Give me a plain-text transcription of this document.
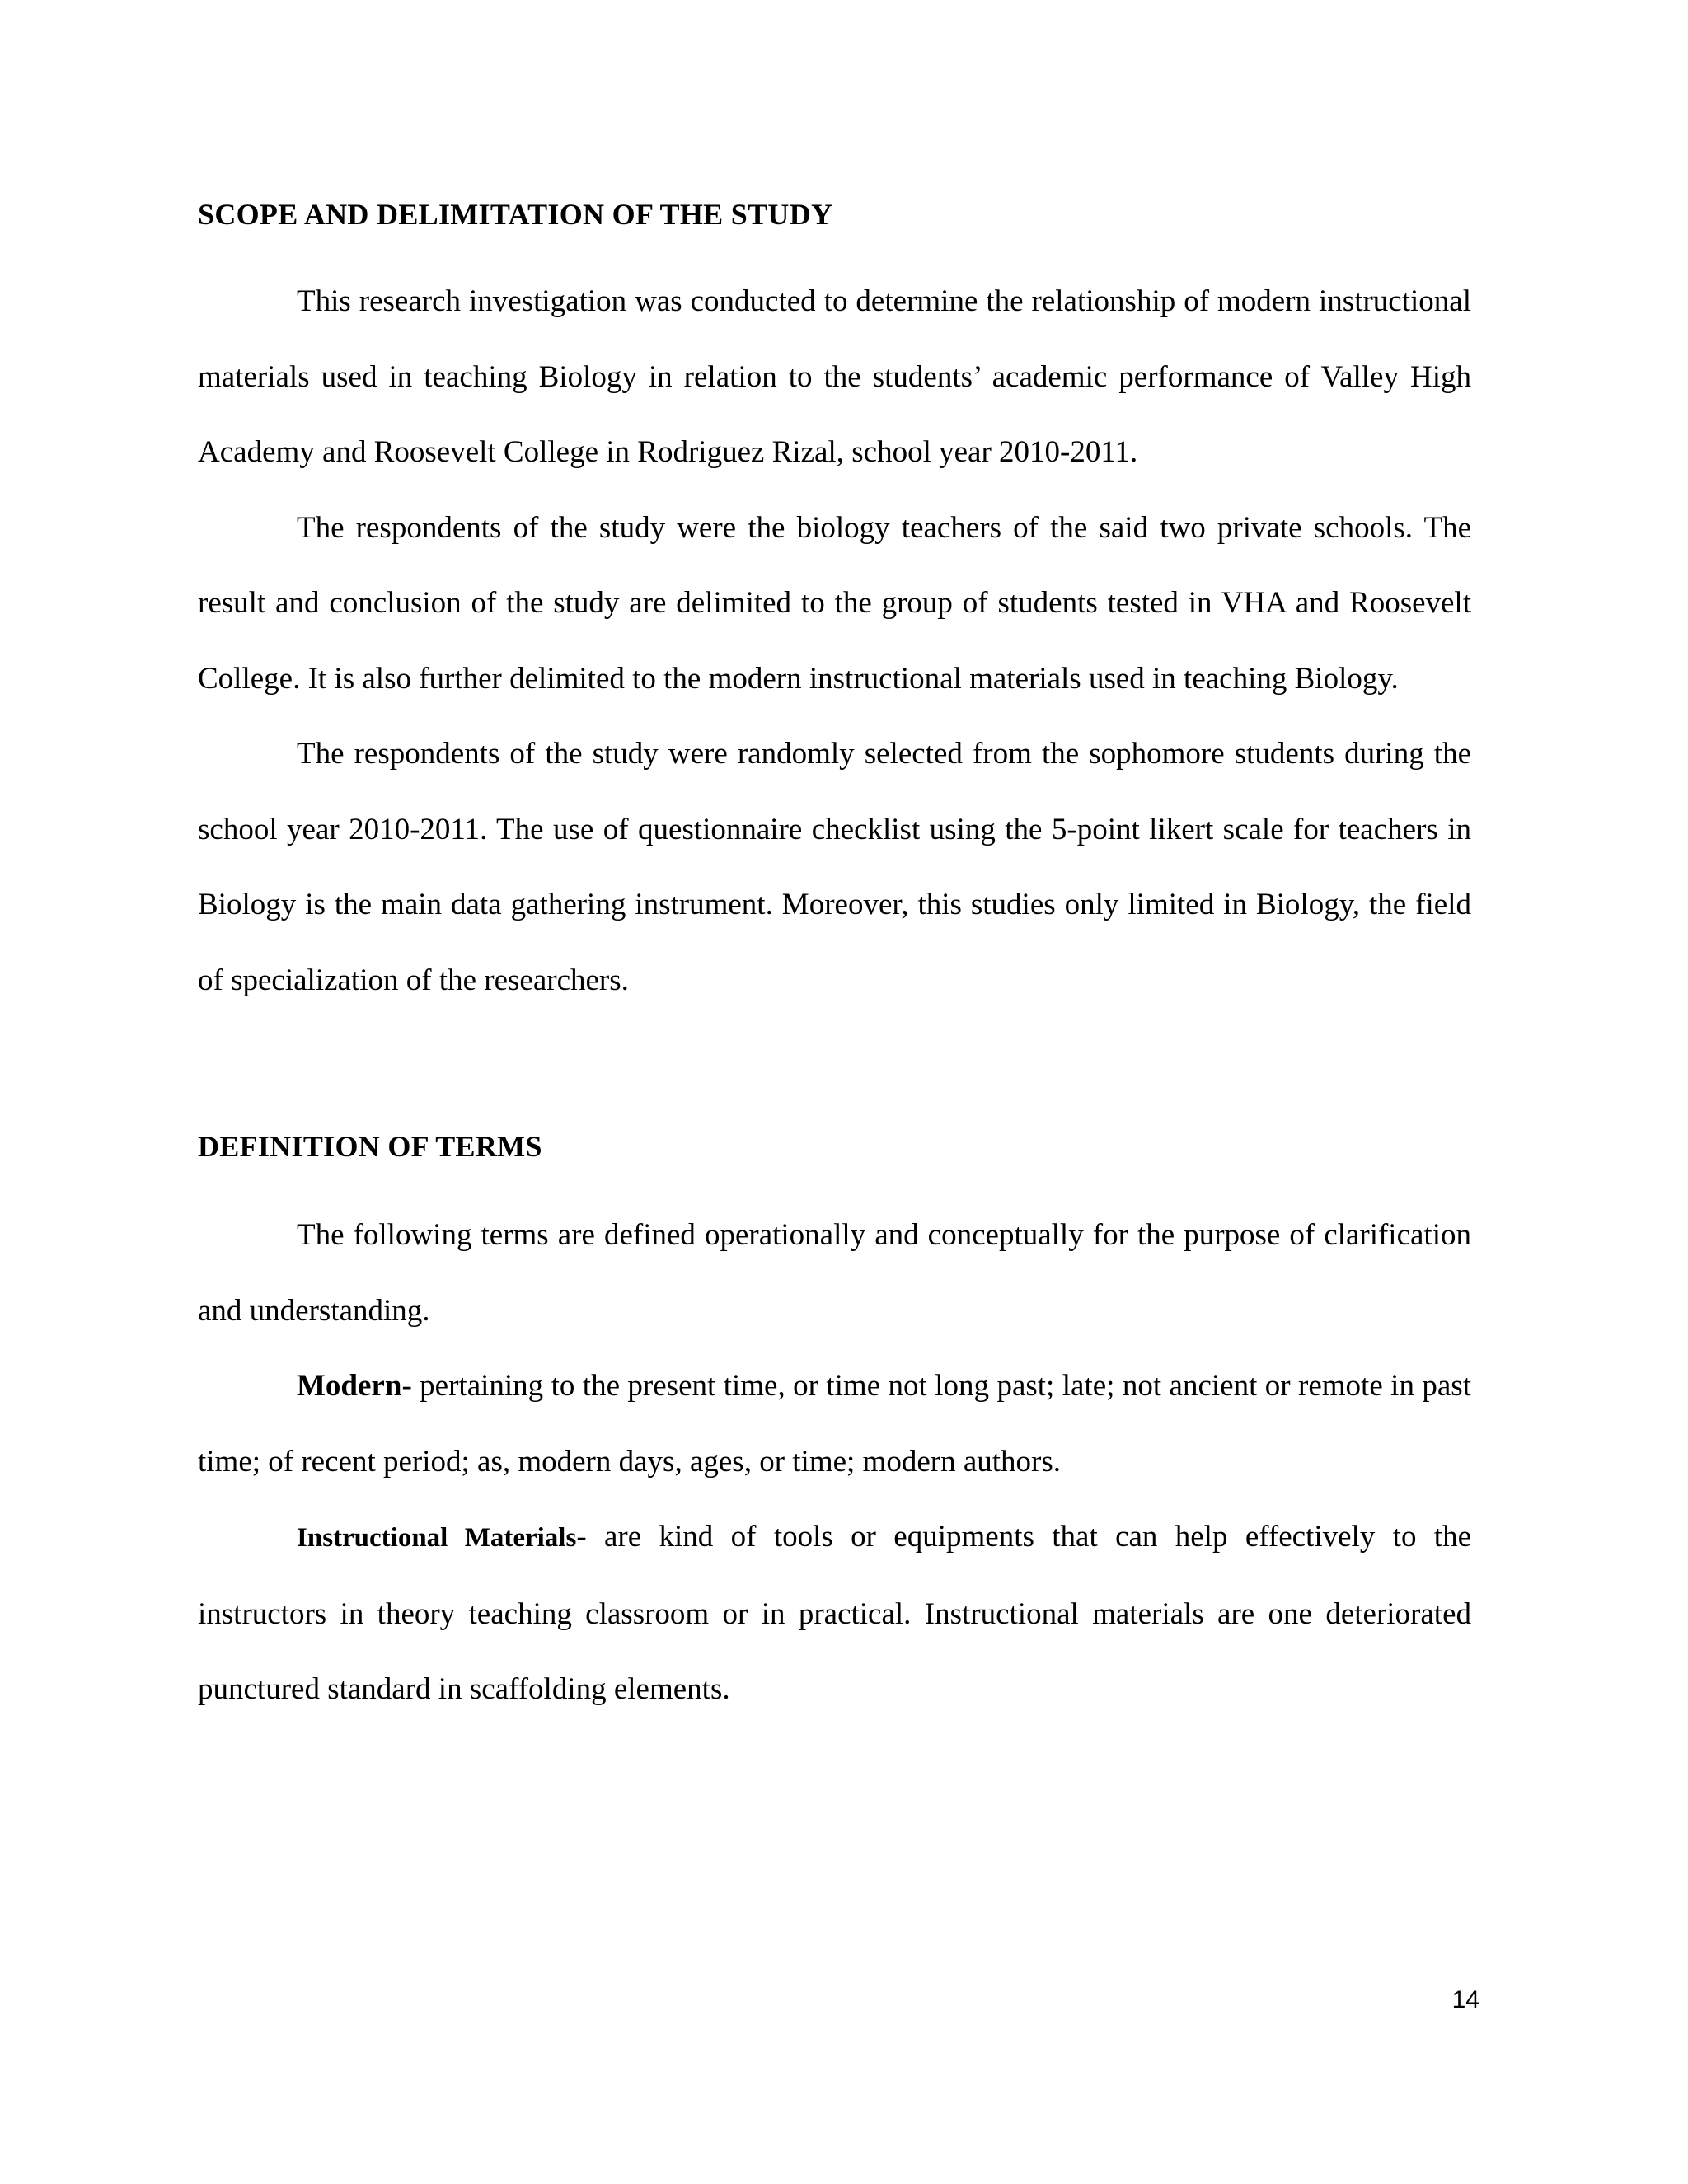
SCOPE AND DELIMITATION OF THE STUDY

This research investigation was conducted to determine the relationship of modern instructional materials used in teaching Biology in relation to the students’ academic performance of Valley High Academy and Roosevelt College in Rodriguez Rizal, school year 2010-2011.

The respondents of the study were the biology teachers of the said two private schools. The result and conclusion of the study are delimited to the group of students tested in VHA and Roosevelt College. It is also further delimited to the modern instructional materials used in teaching Biology.

The respondents of the study were randomly selected from the sophomore students during the school year 2010-2011. The use of questionnaire checklist using the 5-point likert scale for teachers in Biology is the main data gathering instrument. Moreover, this studies only limited in Biology, the field of specialization of the researchers.

DEFINITION OF TERMS

The following terms are defined operationally and conceptually for the purpose of clarification and understanding.

Modern- pertaining to the present time, or time not long past; late; not ancient or remote in past time; of recent period; as, modern days, ages, or time; modern authors.

Instructional Materials- are kind of tools or equipments that can help effectively to the instructors in theory teaching classroom or in practical. Instructional materials are one deteriorated punctured standard in scaffolding elements.

14
